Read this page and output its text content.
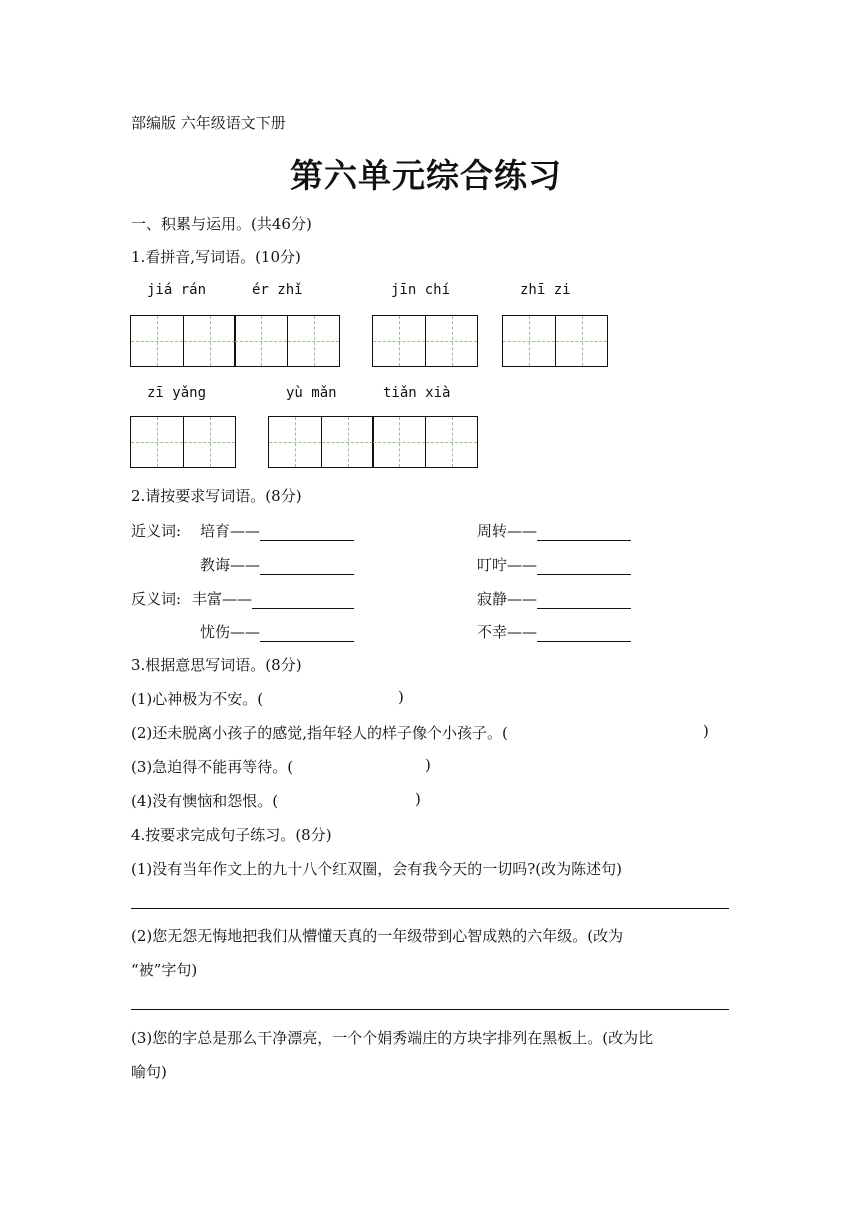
部编版 六年级语文下册
第六单元综合练习
一、积累与运用。(共46分)
1.看拼音,写词语。(10分)
jiá rán	ér zhǐ	jīn chí	zhī zi
zī yǎng	yù mǎn	tiǎn xià
2.请按要求写词语。(8分)
近义词: 培育——	周转——
教诲——	叮咛——
反义词: 丰富——	寂静——
忧伤——	不幸——
3.根据意思写词语。(8分)
(1)心神极为不安。(	)
(2)还未脱离小孩子的感觉,指年轻人的样子像个小孩子。(	)
(3)急迫得不能再等待。(	)
(4)没有懊恼和怨恨。(	)
4.按要求完成句子练习。(8分)
(1)没有当年作文上的九十八个红双圈，会有我今天的一切吗?(改为陈述句)
(2)您无怨无悔地把我们从懵懂天真的一年级带到心智成熟的六年级。(改为
“被”字句)
(3)您的字总是那么干净漂亮，一个个娟秀端庄的方块字排列在黑板上。(改为比
喻句)
